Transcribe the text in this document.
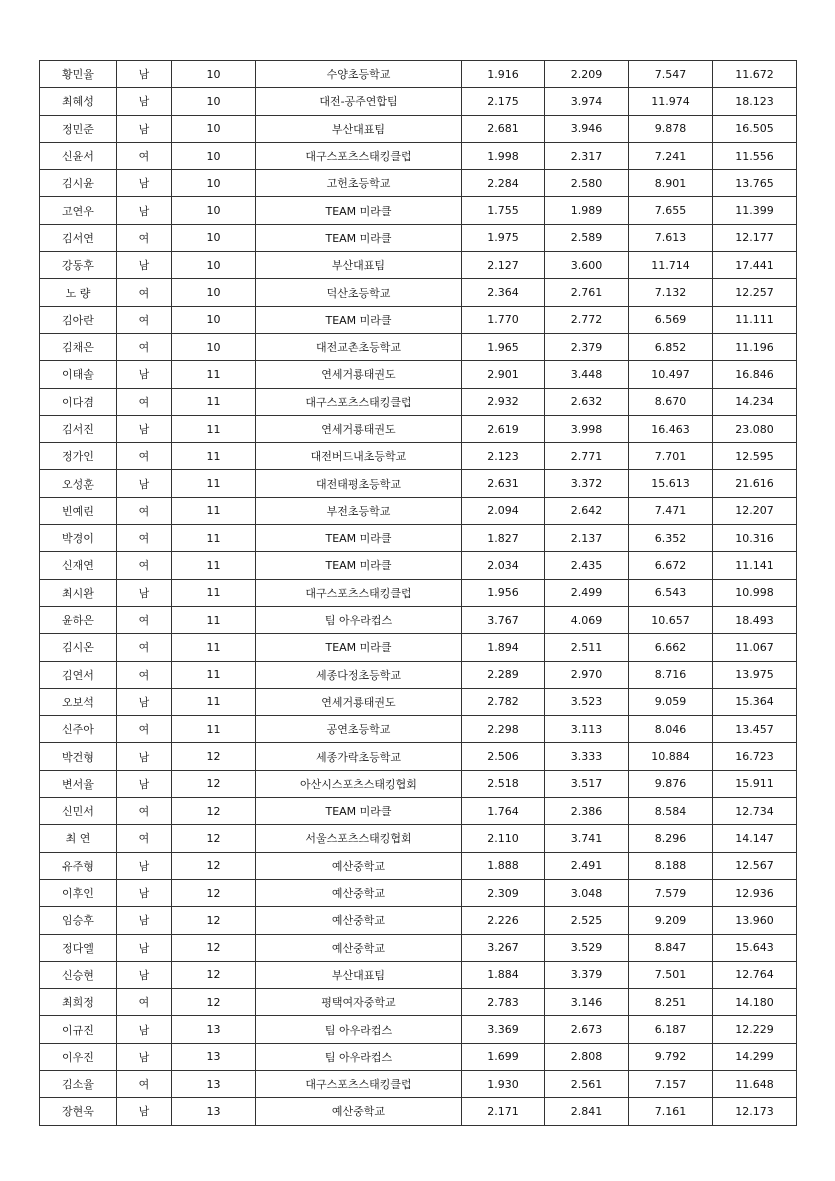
황민율	남	10	수양초등학교	1.916	2.209	7.547	11.672
최혜성	남	10	대전-공주연합팀	2.175	3.974	11.974	18.123
정민준	남	10	부산대표팀	2.681	3.946	9.878	16.505
신윤서	여	10	대구스포츠스태킹클럽	1.998	2.317	7.241	11.556
김시윤	남	10	고헌초등학교	2.284	2.580	8.901	13.765
고연우	남	10	TEAM 미라클	1.755	1.989	7.655	11.399
김서연	여	10	TEAM 미라클	1.975	2.589	7.613	12.177
강동후	남	10	부산대표팀	2.127	3.600	11.714	17.441
노 량	여	10	덕산초등학교	2.364	2.761	7.132	12.257
김아란	여	10	TEAM 미라클	1.770	2.772	6.569	11.111
김채은	여	10	대전교촌초등학교	1.965	2.379	6.852	11.196
이태솔	남	11	연세거룡태권도	2.901	3.448	10.497	16.846
이다겸	여	11	대구스포츠스태킹클럽	2.932	2.632	8.670	14.234
김서진	남	11	연세거룡태권도	2.619	3.998	16.463	23.080
정가인	여	11	대전버드내초등학교	2.123	2.771	7.701	12.595
오성훈	남	11	대전태평초등학교	2.631	3.372	15.613	21.616
빈예린	여	11	부전초등학교	2.094	2.642	7.471	12.207
박경이	여	11	TEAM 미라클	1.827	2.137	6.352	10.316
신재연	여	11	TEAM 미라클	2.034	2.435	6.672	11.141
최시완	남	11	대구스포츠스태킹클럽	1.956	2.499	6.543	10.998
윤하은	여	11	팀 아우라컵스	3.767	4.069	10.657	18.493
김시온	여	11	TEAM 미라클	1.894	2.511	6.662	11.067
김연서	여	11	세종다정초등학교	2.289	2.970	8.716	13.975
오보석	남	11	연세거룡태권도	2.782	3.523	9.059	15.364
신주아	여	11	공연초등학교	2.298	3.113	8.046	13.457
박건형	남	12	세종가락초등학교	2.506	3.333	10.884	16.723
변서율	남	12	아산시스포츠스태킹협회	2.518	3.517	9.876	15.911
신민서	여	12	TEAM 미라클	1.764	2.386	8.584	12.734
최 연	여	12	서울스포츠스태킹협회	2.110	3.741	8.296	14.147
유주형	남	12	예산중학교	1.888	2.491	8.188	12.567
이후인	남	12	예산중학교	2.309	3.048	7.579	12.936
임승후	남	12	예산중학교	2.226	2.525	9.209	13.960
정다엘	남	12	예산중학교	3.267	3.529	8.847	15.643
신승현	남	12	부산대표팀	1.884	3.379	7.501	12.764
최희정	여	12	평택여자중학교	2.783	3.146	8.251	14.180
이규진	남	13	팀 아우라컵스	3.369	2.673	6.187	12.229
이우진	남	13	팀 아우라컵스	1.699	2.808	9.792	14.299
김소율	여	13	대구스포츠스태킹클럽	1.930	2.561	7.157	11.648
장현욱	남	13	예산중학교	2.171	2.841	7.161	12.173
